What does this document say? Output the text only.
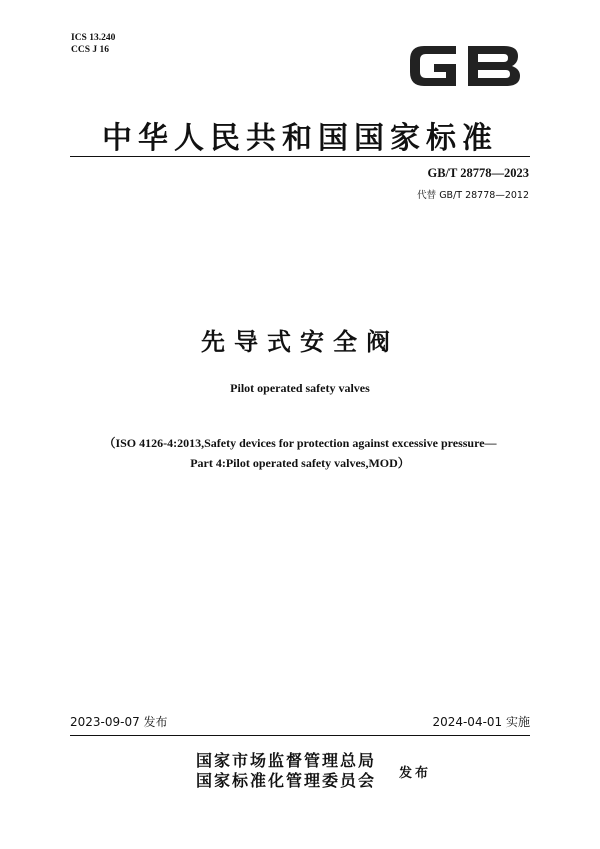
ICS 13.240
CCS J 16
中华人民共和国国家标准
GB/T 28778—2023
代替 GB/T 28778—2012
先导式安全阀
Pilot operated safety valves
（ISO 4126-4:2013,Safety devices for protection against excessive pressure—
Part 4:Pilot operated safety valves,MOD）
2023-09-07 发布	2024-04-01 实施
国家市场监督管理总局
国家标准化管理委员会 发布
